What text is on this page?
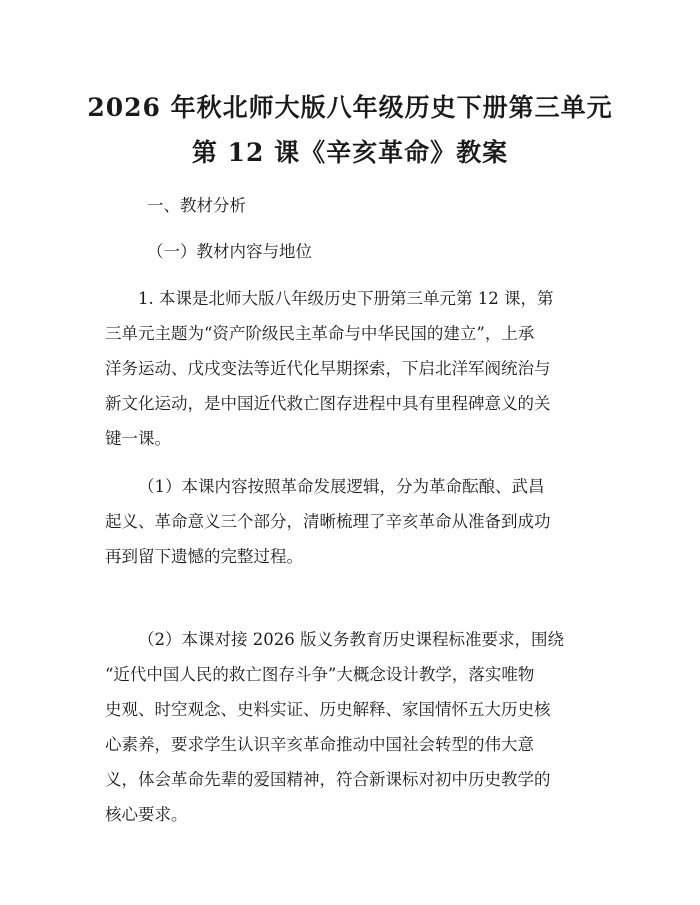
2026 年秋北师大版八年级历史下册第三单元
第 12 课《辛亥革命》教案
一、教材分析
（一）教材内容与地位
1. 本课是北师大版八年级历史下册第三单元第 12 课，第
三单元主题为“资产阶级民主革命与中华民国的建立”，上承
洋务运动、戊戌变法等近代化早期探索，下启北洋军阀统治与
新文化运动，是中国近代救亡图存进程中具有里程碑意义的关
键一课。
（1）本课内容按照革命发展逻辑，分为革命酝酿、武昌
起义、革命意义三个部分，清晰梳理了辛亥革命从准备到成功
再到留下遗憾的完整过程。
（2）本课对接 2026 版义务教育历史课程标准要求，围绕
“近代中国人民的救亡图存斗争”大概念设计教学，落实唯物
史观、时空观念、史料实证、历史解释、家国情怀五大历史核
心素养，要求学生认识辛亥革命推动中国社会转型的伟大意
义，体会革命先辈的爱国精神，符合新课标对初中历史教学的
核心要求。
